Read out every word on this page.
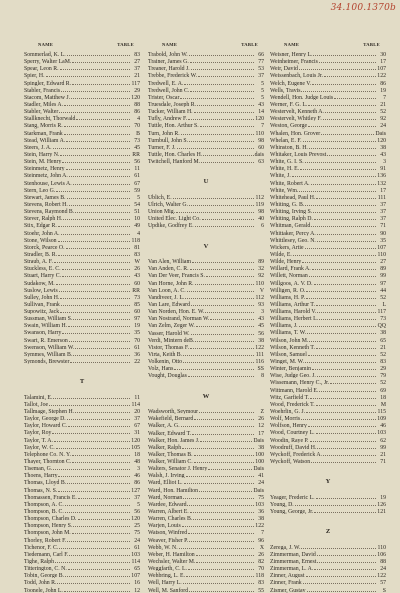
34.100.1370b
NAME	TABLE
Sommerlad, K. L.	83
Sperry, Walter LaM.	27
Spear, Leon R.	37
Spier, H.	21
Spingler, Edward R.	117
Stabler, Francis	29
Stacom, Matthew J.	120
Stadler, Miles A.	88
Stabler, Walter	86
Stallknecht, Thorwald	4
Stang, Morris R.	70
Starkman, Frank	B
Stead, William A.	73
Steers, J. A.	45
Stein, Harry N.	RR
Stein, M. Henry	56
Steinmetz, Henry	11
Steinmetz, John A.	61
Stenhouse, Lewis A.	67
Stern, Leo G.	59
Stewart, James B.	5
Stevens, Robert H.	54
Stevens, Raymond B.	51
Stever, Ralph H.	10
Stix, Edgar R.	49
Stoehr, John A.	4
Stone, Wilson	118
Storck, Pearce O.	81
Stradler, B. R.	83
Straub, A. F.	W
Stuckless, E. C.	26
Stuart, Harry C.	43
Sudakow, M.	60
Suslow, Lewis	RR
Sulley, John H.	73
Sullivan, Frank	85
Supowitz, Jack	60
Sussman, William S.	97
Swain, William H.	19
Swanson, Harry	35
Swart, R. Emerson	70
Swenson, William W.	61
Symmes, William B.	36
Symonds, Brewster	22
T
Talamini, E.	11
Tallot, Joe	114
Tallmage, Stephen H.	20
Taylor, George D.	37
Taylor, Howard C.	67
Taylor, Roy	31
Taylor, T. A.	120
Taylor, W. C.	105
Telephone Co. N. Y.	18
Thayer, Thornton C.	48
Tiseman, G.	3
Thoens, Harry	46
Thomas, Lloyd B.	86
Thomas, N. S.	127
Thomassen, Francis E.	37
Thompson, A. C.	5
Thompson, B. C.	56
Thompson, Charles D.	120
Thompson, Henry S.	25
Thompson, John M.	75
Thorley, Robert F.	24
Tichenor, F. C.	61
Tiedemann, Carl F.	103
Tighe, Ralph	114
Titterington, C. N.	65
Tobin, George B.	107
Todd, John R.	16
Toonele, John L.	12
NAME	TABLE
Trabold, John W.	66
Trainer, James G.	77
Treaner, Harold J.	53
Trebbe, Frederick W.	37
Tredwell, E. A.	5
Tredwell, John C.	5
Trister, Oscar	5
Truesdale, Joseph R.	43
Tucker, William H.	14
Tufly, Andrew F.	120
Tuttle, Hon. Arthur S.	7
Turn, John R.	110
Turnbull, John S.	98
Turner, F. J.	60
Tuttle, Hon. Charles H.	dais
Twitchell, Hanford M.	63
U
Ublich, E.	112
Ulrich, Walter G.	119
Union Mig.	98
United Elec. Light Co.	40
Updike, Godfrey E.	6
V
Van Alen, William	89
Van Anden, C. R.	32
Van Der Veer, Francis S.	92
Van Horne, John R.	110
Van Loon, A. C.	V
Vandiveer, J. L.	112
Van Lare, Edward	93
Van Norden, Hon. E. W.	3
Van Nostrand, Norman W.	43
Van Zelm, Zeger W.	45
Vasser, Harold W.	56
Verdi, Mintern deB.	38
Vistor, Thomas F.	122
Virta, Keith B.	111
Volkenin, Otto	116
Volz, Hans	SS
Vought, Douglas	8
W
Wadsworth, Seymour	Z
Wakefield, Bernard	26
Walker, A. G.	12
Walker, Edward T.	17
Walker, Hon. James J.	Dais
Walker, Ralph	38
Walker, Thomas B.	100
Walker, William C.	100
Walters, Senator J. Henry	Dais
Walsh, J. Irving	41
Ward, Elliot L.	24
Ward, Hon. Hamilton	Dais
Ward, Norman	75
Wardee, Edward	103
Warren, Albert E.	36
Warren, Charles B.	38
Warjen, Louis	122
Watson, Winfred	7
Weaver, Fisher P.	96
Webb, W. N.	X
Weber, H. Hamilton	26
Wechsler, Walter M.	82
Weggfarth, C. L.	70
Wehbring, L. E.	118
Well, Harry L.	83
Well, M. Sanford	55
NAME	TABLE
Weisner, Henry L.	30
Weinheimer, Francis	17
Weir, David	107
Weissenbach, Louis Jr.	122
Welch, Eugene V.	86
Wells, Travis	19
Wendell, Hon. Judge Louis	7
Werner, F. G. L.	21
Westervelt, Kenneth A.	52
Westervelt, Whitley F.	92
Weston, George	24
Whalen, Hon. Grover	Dais
Whelan, E. F.	120
Whinston, B. H.	38
Whitaker, Louis Prevost	43
White, G. I. S.	3
White, H. E.	91
White, J.	136
White, Robert A.	132
White, Wm.	17
Whitehead, Paul H.	111
Whiting, G. B.	37
Whiting, Irving S.	37
Whiting, Ralph D.	37
Whitman, Gerald	71
Whittaker, Percy A.	90
Whittlesey, Geo. N.	35
Wickers, Artie	107
Wilde, E.	110
Wilde, Henry	27
Willard, Frank A.	89
Willett, Norman	99
Willgoos, A. V. D.	97
Willigen, R. O.	44
Williams, H. P.	52
Williams, Arthur T.	L
Williams, Harold V.	117
Williams, Herbert L.	73
Williams, J.	QQ
Williams, T. W.	38
Wilson, John M.	65
Wilson, Kenneth T.	21
Wilson, Samuel	52
Winget, M. W.	83
Winter, Benjamin	29
Wise, Judge Geo. J.	79
Wissemann, Henry C., Jr.	52
Wittmann, Harold E.	69
Witz, Garfield T.	18
Wood, Frederick T.	M
Woehrlin, G. J.	115
Wolf, Morris	109
Wolfson, Henry	46
Wood, Courtney L.	103
Woodin, Raye P.	62
Woodruff, David H.	99
Wyckoff, Frederick A.	21
Wyckoff, Watson	71
Y
Yeager, Frederic L.	19
Young, D.	126
Young, George, Jr.	121
Z
Zerega, J. W.	110
Zimmerman, David	106
Zimmerman, Ernest	88
Zimmerman, L. A.	24
Zinner, August	122
Zinner, Frank	57
Zismer, Gustav	S
